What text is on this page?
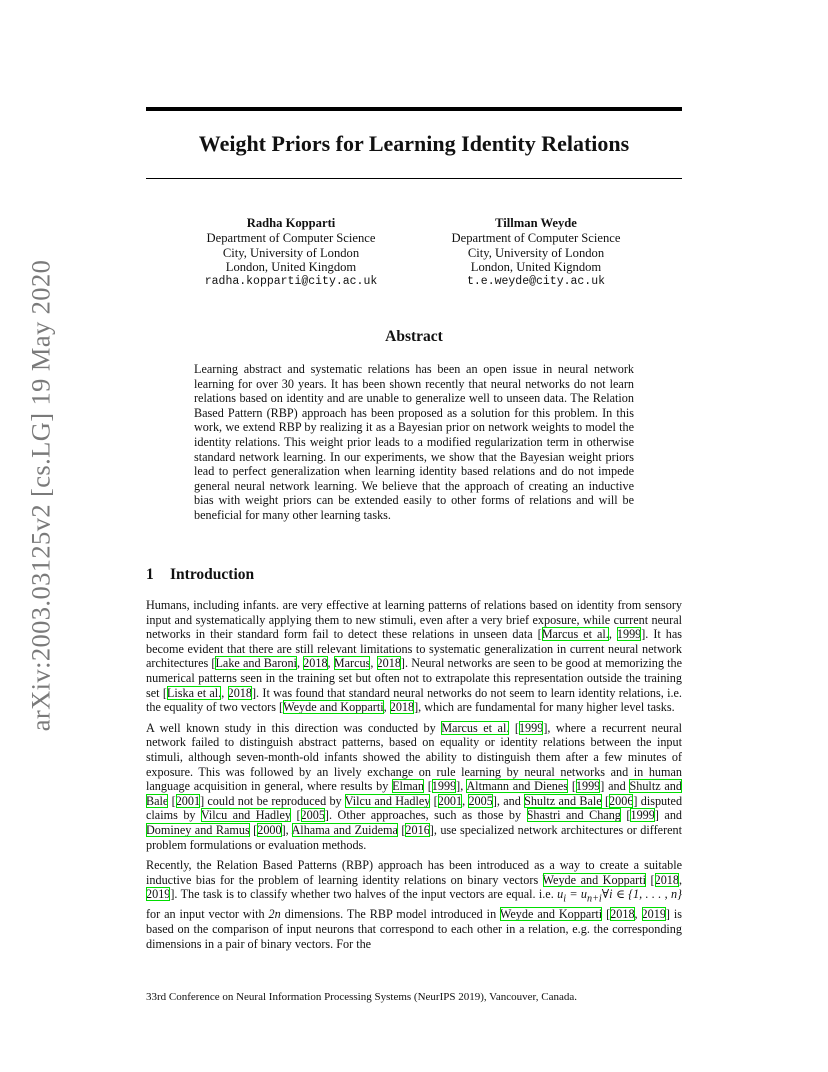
arXiv:2003.03125v2 [cs.LG] 19 May 2020
Weight Priors for Learning Identity Relations
Radha Kopparti
Department of Computer Science
City, University of London
London, United Kingdom
radha.kopparti@city.ac.uk
Tillman Weyde
Department of Computer Science
City, University of London
London, United Kigndom
t.e.weyde@city.ac.uk
Abstract
Learning abstract and systematic relations has been an open issue in neural network learning for over 30 years. It has been shown recently that neural networks do not learn relations based on identity and are unable to generalize well to unseen data. The Relation Based Pattern (RBP) approach has been proposed as a solution for this problem. In this work, we extend RBP by realizing it as a Bayesian prior on network weights to model the identity relations. This weight prior leads to a modified regularization term in otherwise standard network learning. In our experiments, we show that the Bayesian weight priors lead to perfect generalization when learning identity based relations and do not impede general neural network learning. We believe that the approach of creating an inductive bias with weight priors can be extended easily to other forms of relations and will be beneficial for many other learning tasks.
1 Introduction

Humans, including infants. are very effective at learning patterns of relations based on identity from sensory input and systematically applying them to new stimuli, even after a very brief exposure, while current neural networks in their standard form fail to detect these relations in unseen data [Marcus et al., 1999]. It has become evident that there are still relevant limitations to systematic generalization in current neural network architectures [Lake and Baroni, 2018, Marcus, 2018]. Neural networks are seen to be good at memorizing the numerical patterns seen in the training set but often not to extrapolate this representation outside the training set [Liska et al., 2018]. It was found that standard neural networks do not seem to learn identity relations, i.e. the equality of two vectors [Weyde and Kopparti, 2018], which are fundamental for many higher level tasks.

A well known study in this direction was conducted by Marcus et al. [1999], where a recurrent neural network failed to distinguish abstract patterns, based on equality or identity relations between the input stimuli, although seven-month-old infants showed the ability to distinguish them after a few minutes of exposure. This was followed by an lively exchange on rule learning by neural networks and in human language acquisition in general, where results by Elman [1999], Altmann and Dienes [1999] and Shultz and Bale [2001] could not be reproduced by Vilcu and Hadley [2001, 2005], and Shultz and Bale [2006] disputed claims by Vilcu and Hadley [2005]. Other approaches, such as those by Shastri and Chang [1999] and Dominey and Ramus [2000], Alhama and Zuidema [2016], use specialized network architectures or different problem formulations or evaluation methods.

Recently, the Relation Based Patterns (RBP) approach has been introduced as a way to create a suitable inductive bias for the problem of learning identity relations on binary vectors Weyde and Kopparti [2018, 2019]. The task is to classify whether two halves of the input vectors are equal. i.e. $u_i$ = $u_{n+i}\forall i$ ∈ {1, . . . , n} for an input vector with 2n dimensions. The RBP model introduced in Weyde and Kopparti [2018, 2019] is based on the comparison of input neurons that correspond to each other in a relation, e.g. the corresponding dimensions in a pair of binary vectors. For the

33rd Conference on Neural Information Processing Systems (NeurIPS 2019), Vancouver, Canada.
